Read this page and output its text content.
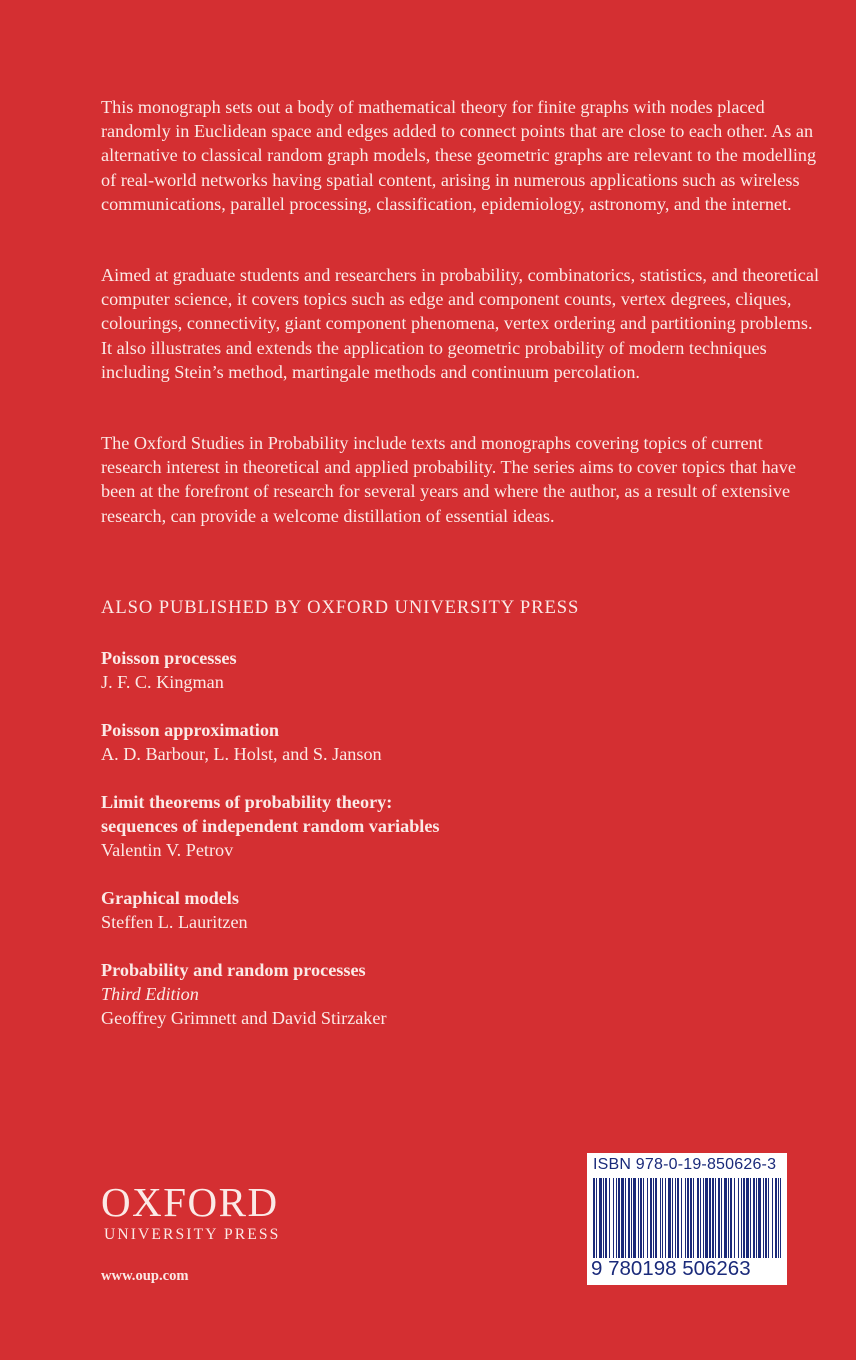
This monograph sets out a body of mathematical theory for finite graphs with nodes placed randomly in Euclidean space and edges added to connect points that are close to each other. As an alternative to classical random graph models, these geometric graphs are relevant to the modelling of real-world networks having spatial content, arising in numerous applications such as wireless communications, parallel processing, classification, epidemiology, astronomy, and the internet.

Aimed at graduate students and researchers in probability, combinatorics, statistics, and theoretical computer science, it covers topics such as edge and component counts, vertex degrees, cliques, colourings, connectivity, giant component phenomena, vertex ordering and partitioning problems. It also illustrates and extends the application to geometric probability of modern techniques including Stein’s method, martingale methods and continuum percolation.

The Oxford Studies in Probability include texts and monographs covering topics of current research interest in theoretical and applied probability. The series aims to cover topics that have been at the forefront of research for several years and where the author, as a result of extensive research, can provide a welcome distillation of essential ideas.

ALSO PUBLISHED BY OXFORD UNIVERSITY PRESS

Poisson processes
J. F. C. Kingman
Poisson approximation
A. D. Barbour, L. Holst, and S. Janson
Limit theorems of probability theory:
sequences of independent random variables
Valentin V. Petrov
Graphical models
Steffen L. Lauritzen
Probability and random processes
Third Edition
Geoffrey Grimnett and David Stirzaker
OXFORD
UNIVERSITY PRESS
www.oup.com
ISBN 978-0-19-850626-3
9 780198 506263
